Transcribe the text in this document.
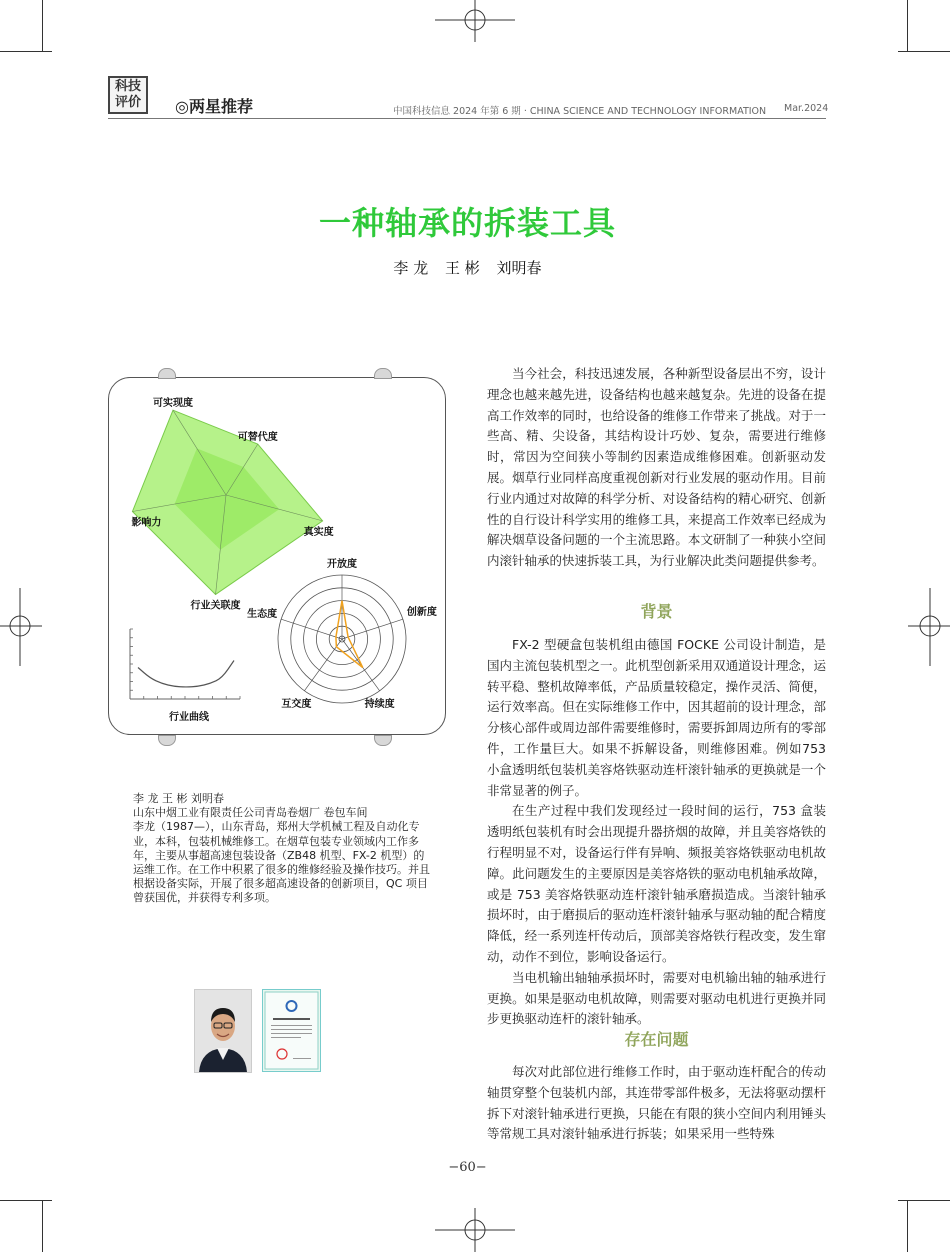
科技
评价	◎两星推荐	中国科技信息 2024 年第 6 期 · CHINA SCIENCE AND TECHNOLOGY INFORMATION Mar.2024
一种轴承的拆装工具
李 龙 王 彬 刘明春
可实现度
可替代度
真实度
行业关联度
影响力
开放度
创新度
持续度
互交度
生态度
行业曲线

李 龙 王 彬 刘明春

山东中烟工业有限责任公司青岛卷烟厂 卷包车间

李龙（1987—），山东青岛，郑州大学机械工程及自动化专业，本科，包装机械维修工。在烟草包装专业领域内工作多年，主要从事超高速包装设备（ZB48 机型、FX-2 机型）的运维工作。在工作中积累了很多的维修经验及操作技巧。并且根据设备实际，开展了很多超高速设备的创新项目，QC 项目曾获国优，并获得专利多项。

当今社会，科技迅速发展，各种新型设备层出不穷，设计理念也越来越先进，设备结构也越来越复杂。先进的设备在提高工作效率的同时，也给设备的维修工作带来了挑战。对于一些高、精、尖设备，其结构设计巧妙、复杂，需要进行维修时，常因为空间狭小等制约因素造成维修困难。创新驱动发展。烟草行业同样高度重视创新对行业发展的驱动作用。目前行业内通过对故障的科学分析、对设备结构的精心研究、创新性的自行设计科学实用的维修工具，来提高工作效率已经成为解决烟草设备问题的一个主流思路。本文研制了一种狭小空间内滚针轴承的快速拆装工具，为行业解决此类问题提供参考。

背景

FX-2 型硬盒包装机组由德国 FOCKE 公司设计制造，是国内主流包装机型之一。此机型创新采用双通道设计理念，运转平稳、整机故障率低，产品质量较稳定，操作灵活、简便，运行效率高。但在实际维修工作中，因其超前的设计理念，部分核心部件或周边部件需要维修时，需要拆卸周边所有的零部件，工作量巨大。如果不拆解设备，则维修困难。例如753 小盒透明纸包装机美容烙铁驱动连杆滚针轴承的更换就是一个非常显著的例子。

在生产过程中我们发现经过一段时间的运行，753 盒装透明纸包装机有时会出现提升器挤烟的故障，并且美容烙铁的行程明显不对，设备运行伴有异响、频报美容烙铁驱动电机故障。此问题发生的主要原因是美容烙铁的驱动电机轴承故障，或是 753 美容烙铁驱动连杆滚针轴承磨损造成。当滚针轴承损坏时，由于磨损后的驱动连杆滚针轴承与驱动轴的配合精度降低，经一系列连杆传动后，顶部美容烙铁行程改变，发生窜动，动作不到位，影响设备运行。

当电机输出轴轴承损坏时，需要对电机输出轴的轴承进行更换。如果是驱动电机故障，则需要对驱动电机进行更换并同步更换驱动连杆的滚针轴承。

存在问题

每次对此部位进行维修工作时，由于驱动连杆配合的传动轴贯穿整个包装机内部，其连带零部件极多，无法将驱动摆杆拆下对滚针轴承进行更换，只能在有限的狭小空间内利用锤头等常规工具对滚针轴承进行拆装；如果采用一些特殊

−60−
